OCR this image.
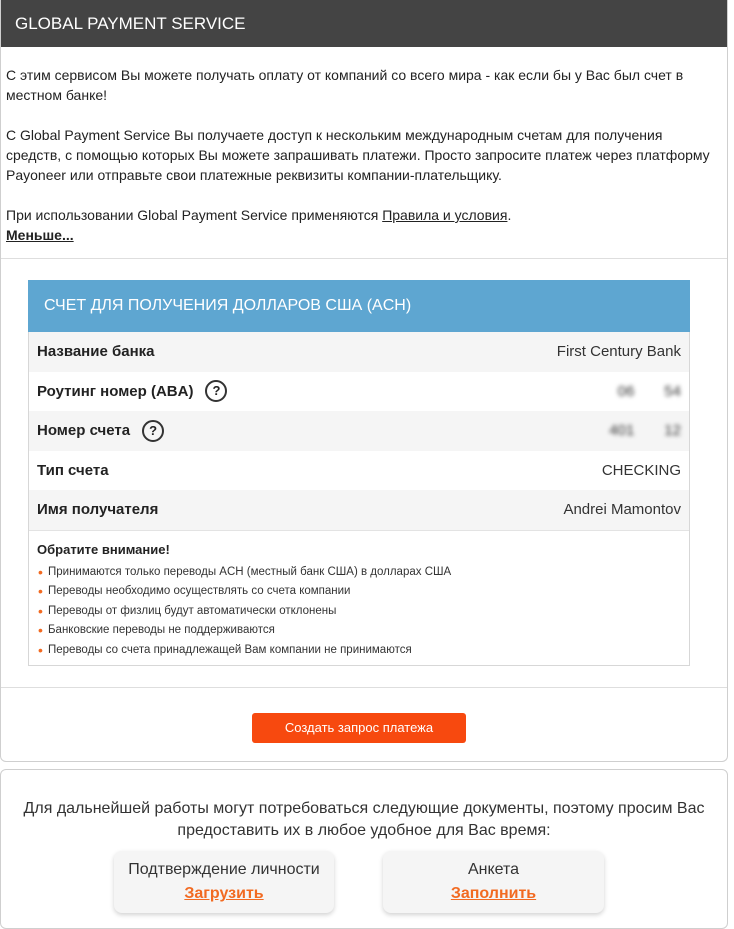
GLOBAL PAYMENT SERVICE

С этим сервисом Вы можете получать оплату от компаний со всего мира - как если бы у Вас был счет в местном банке!

С Global Payment Service Вы получаете доступ к нескольким международным счетам для получения средств, с помощью которых Вы можете запрашивать платежи. Просто запросите платеж через платформу Payoneer или отправьте свои платежные реквизиты компании-плательщику.

При использовании Global Payment Service применяются Правила и условия.

Меньше...
СЧЕТ ДЛЯ ПОЛУЧЕНИЯ ДОЛЛАРОВ США (ACH)
Название банка	First Century Bank
Роутинг номер (ABA)	?	06    54
Номер счета	?	401    12
Тип счета	CHECKING
Имя получателя	Andrei Mamontov
Обратите внимание!
• Принимаются только переводы ACH (местный банк США) в долларах США
• Переводы необходимо осуществлять со счета компании
• Переводы от физлиц будут автоматически отклонены
• Банковские переводы не поддерживаются
• Переводы со счета принадлежащей Вам компании не принимаются
Создать запрос платежа
Для дальнейшей работы могут потребоваться следующие документы, поэтому просим Вас предоставить их в любое удобное для Вас время:
Подтверждение личности
Загрузить
Анкета
Заполнить
